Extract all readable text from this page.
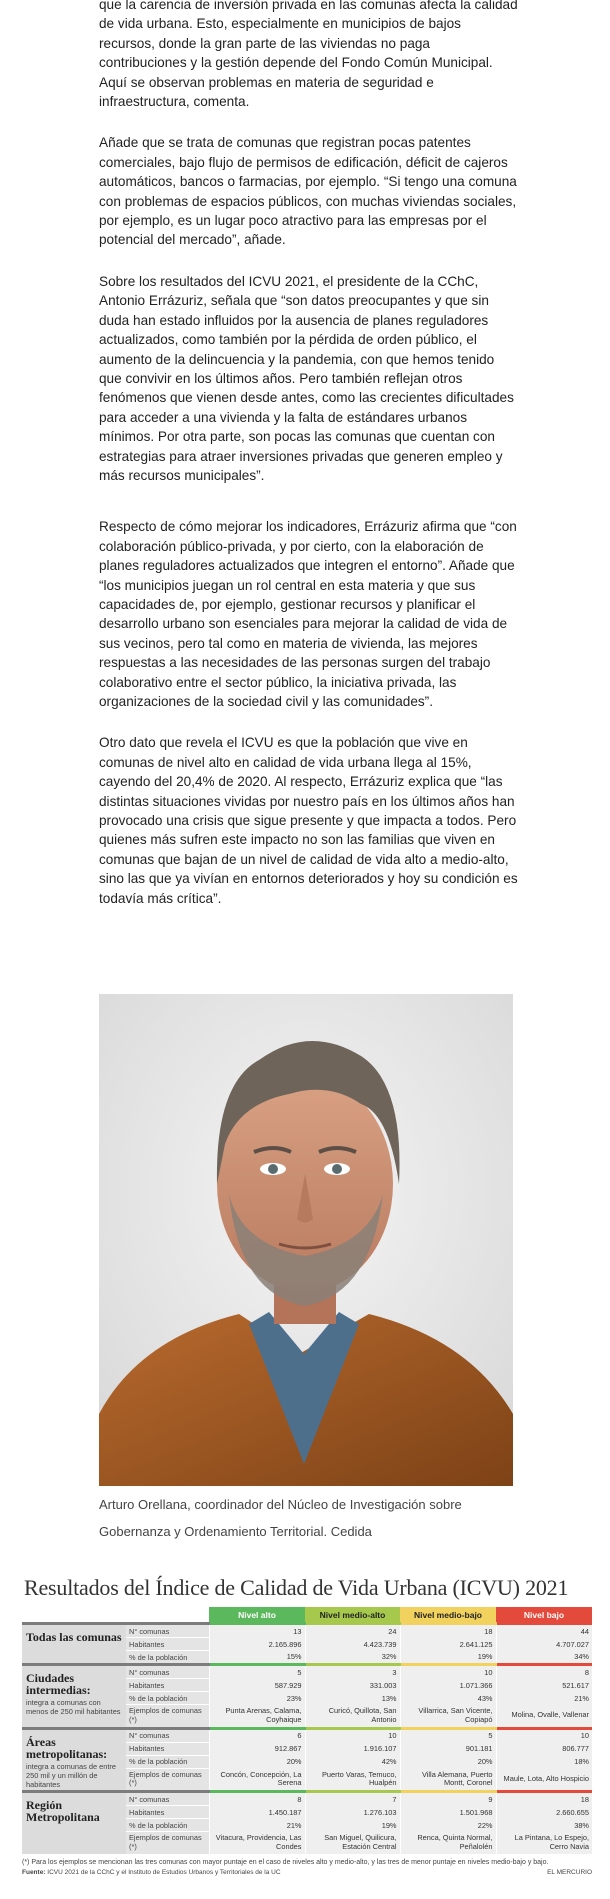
que la carencia de inversión privada en las comunas afecta la calidad de vida urbana. Esto, especialmente en municipios de bajos recursos, donde la gran parte de las viviendas no paga contribuciones y la gestión depende del Fondo Común Municipal. Aquí se observan problemas en materia de seguridad e infraestructura, comenta.

Añade que se trata de comunas que registran pocas patentes comerciales, bajo flujo de permisos de edificación, déficit de cajeros automáticos, bancos o farmacias, por ejemplo. “Si tengo una comuna con problemas de espacios públicos, con muchas viviendas sociales, por ejemplo, es un lugar poco atractivo para las empresas por el potencial del mercado”, añade.

Sobre los resultados del ICVU 2021, el presidente de la CChC, Antonio Errázuriz, señala que “son datos preocupantes y que sin duda han estado influidos por la ausencia de planes reguladores actualizados, como también por la pérdida de orden público, el aumento de la delincuencia y la pandemia, con que hemos tenido que convivir en los últimos años. Pero también reflejan otros fenómenos que vienen desde antes, como las crecientes dificultades para acceder a una vivienda y la falta de estándares urbanos mínimos. Por otra parte, son pocas las comunas que cuentan con estrategias para atraer inversiones privadas que generen empleo y más recursos municipales”.

Respecto de cómo mejorar los indicadores, Errázuriz afirma que “con colaboración público-privada, y por cierto, con la elaboración de planes reguladores actualizados que integren el entorno”. Añade que “los municipios juegan un rol central en esta materia y que sus capacidades de, por ejemplo, gestionar recursos y planificar el desarrollo urbano son esenciales para mejorar la calidad de vida de sus vecinos, pero tal como en materia de vivienda, las mejores respuestas a las necesidades de las personas surgen del trabajo colaborativo entre el sector público, la iniciativa privada, las organizaciones de la sociedad civil y las comunidades”.

Otro dato que revela el ICVU es que la población que vive en comunas de nivel alto en calidad de vida urbana llega al 15%, cayendo del 20,4% de 2020. Al respecto, Errázuriz explica que “las distintas situaciones vividas por nuestro país en los últimos años han provocado una crisis que sigue presente y que impacta a todos. Pero quienes más sufren este impacto no son las familias que viven en comunas que bajan de un nivel de calidad de vida alto a medio-alto, sino las que ya vivían en entornos deteriorados y hoy su condición es todavía más crítica”.

Arturo Orellana, coordinador del Núcleo de Investigación sobre Gobernanza y Ordenamiento Territorial. Cedida
Resultados del Índice de Calidad de Vida Urbana (ICVU) 2021
		Nivel alto	Nivel medio-alto	Nivel medio-bajo	Nivel bajo

Todas las comunas	N° comunas	13	24	18	44
	Habitantes	2.165.896	4.423.739	2.641.125	4.707.027
	% de la población	15%	32%	19%	34%

Ciudades intermedias:
integra a comunas con menos de 250 mil habitantes	N° comunas	5	3	10	8
	Habitantes	587.929	331.003	1.071.366	521.617
	% de la población	23%	13%	43%	21%
	Ejemplos de comunas (*)	Punta Arenas, Calama, Coyhaique	Curicó, Quillota, San Antonio	Villarrica, San Vicente, Copiapó	Molina, Ovalle, Vallenar

Áreas metropolitanas:
integra a comunas de entre 250 mil y un millón de habitantes	N° comunas	6	10	5	10
	Habitantes	912.867	1.916.107	901.181	806.777
	% de la población	20%	42%	20%	18%
	Ejemplos de comunas (*)	Concón, Concepción, La Serena	Puerto Varas, Temuco, Hualpén	Villa Alemana, Puerto Montt, Coronel	Maule, Lota, Alto Hospicio

Región Metropolitana	N° comunas	8	7	9	18
	Habitantes	1.450.187	1.276.103	1.501.968	2.660.655
	% de la población	21%	19%	22%	38%
	Ejemplos de comunas (*)	Vitacura, Providencia, Las Condes	San Miguel, Quilicura, Estación Central	Renca, Quinta Normal, Peñalolén	La Pintana, Lo Espejo, Cerro Navia
(*) Para los ejemplos se mencionan las tres comunas con mayor puntaje en el caso de niveles alto y medio-alto, y las tres de menor puntaje en niveles medio-bajo y bajo.
Fuente: ICVU 2021 de la CChC y el Instituto de Estudios Urbanos y Territoriales de la UC	EL MERCURIO
